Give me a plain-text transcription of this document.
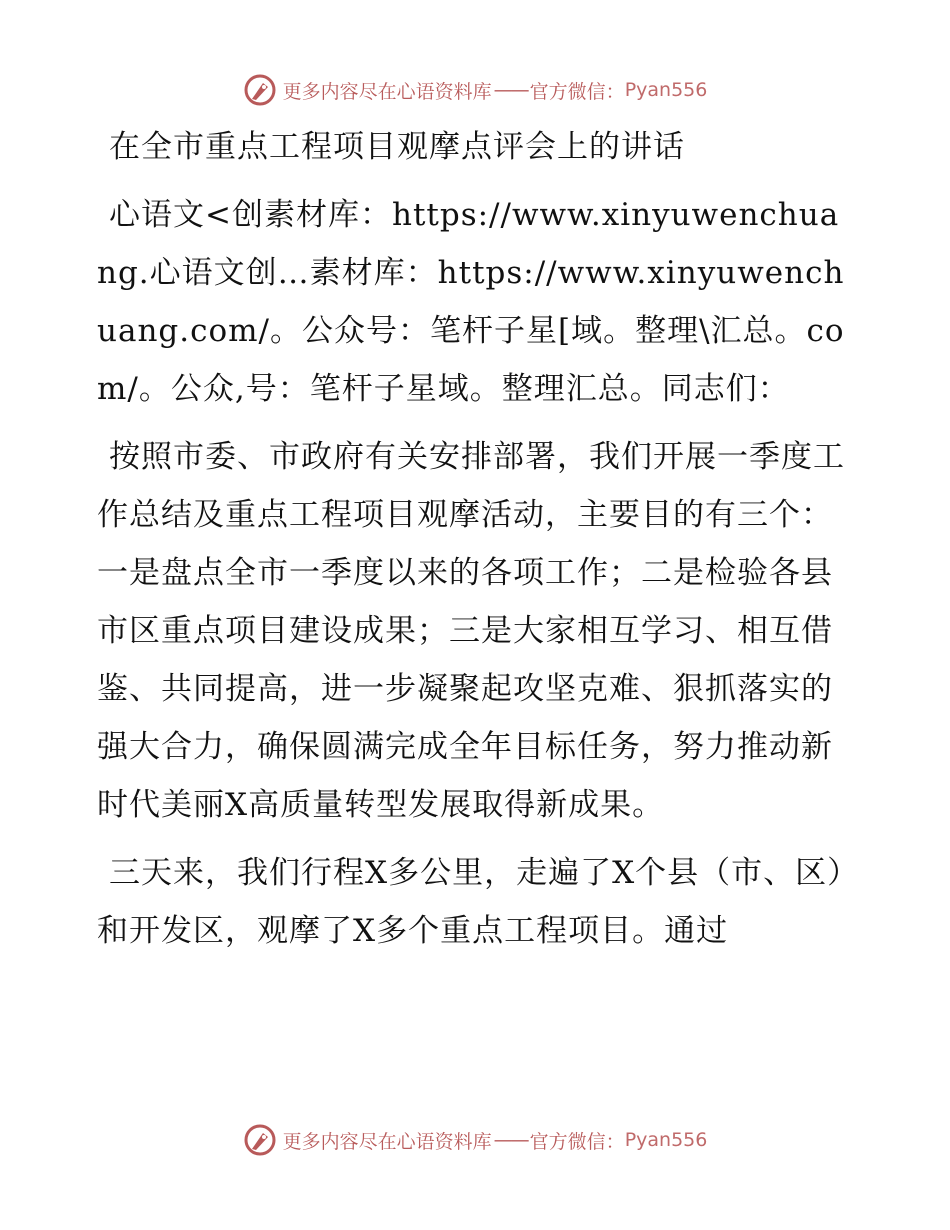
更多内容尽在心语资料库 —— 官方微信： Pyan556
在全市重点工程项目观摩点评会上的讲话

心语文<创素材库：https://www.xinyuwenchuang.心语文创…素材库：https://www.xinyuwenchuang.com/。公众号：笔杆子星[域。整理\汇总。com/。公众,号：笔杆子星域。整理汇总。同志们：

按照市委、市政府有关安排部署，我们开展一季度工作总结及重点工程项目观摩活动，主要目的有三个：一是盘点全市一季度以来的各项工作；二是检验各县市区重点项目建设成果；三是大家相互学习、相互借鉴、共同提高，进一步凝聚起攻坚克难、狠抓落实的强大合力，确保圆满完成全年目标任务，努力推动新时代美丽X高质量转型发展取得新成果。

三天来，我们行程X多公里，走遍了X个县（市、区）和开发区，观摩了X多个重点工程项目。通过

更多内容尽在心语资料库 —— 官方微信： Pyan556
